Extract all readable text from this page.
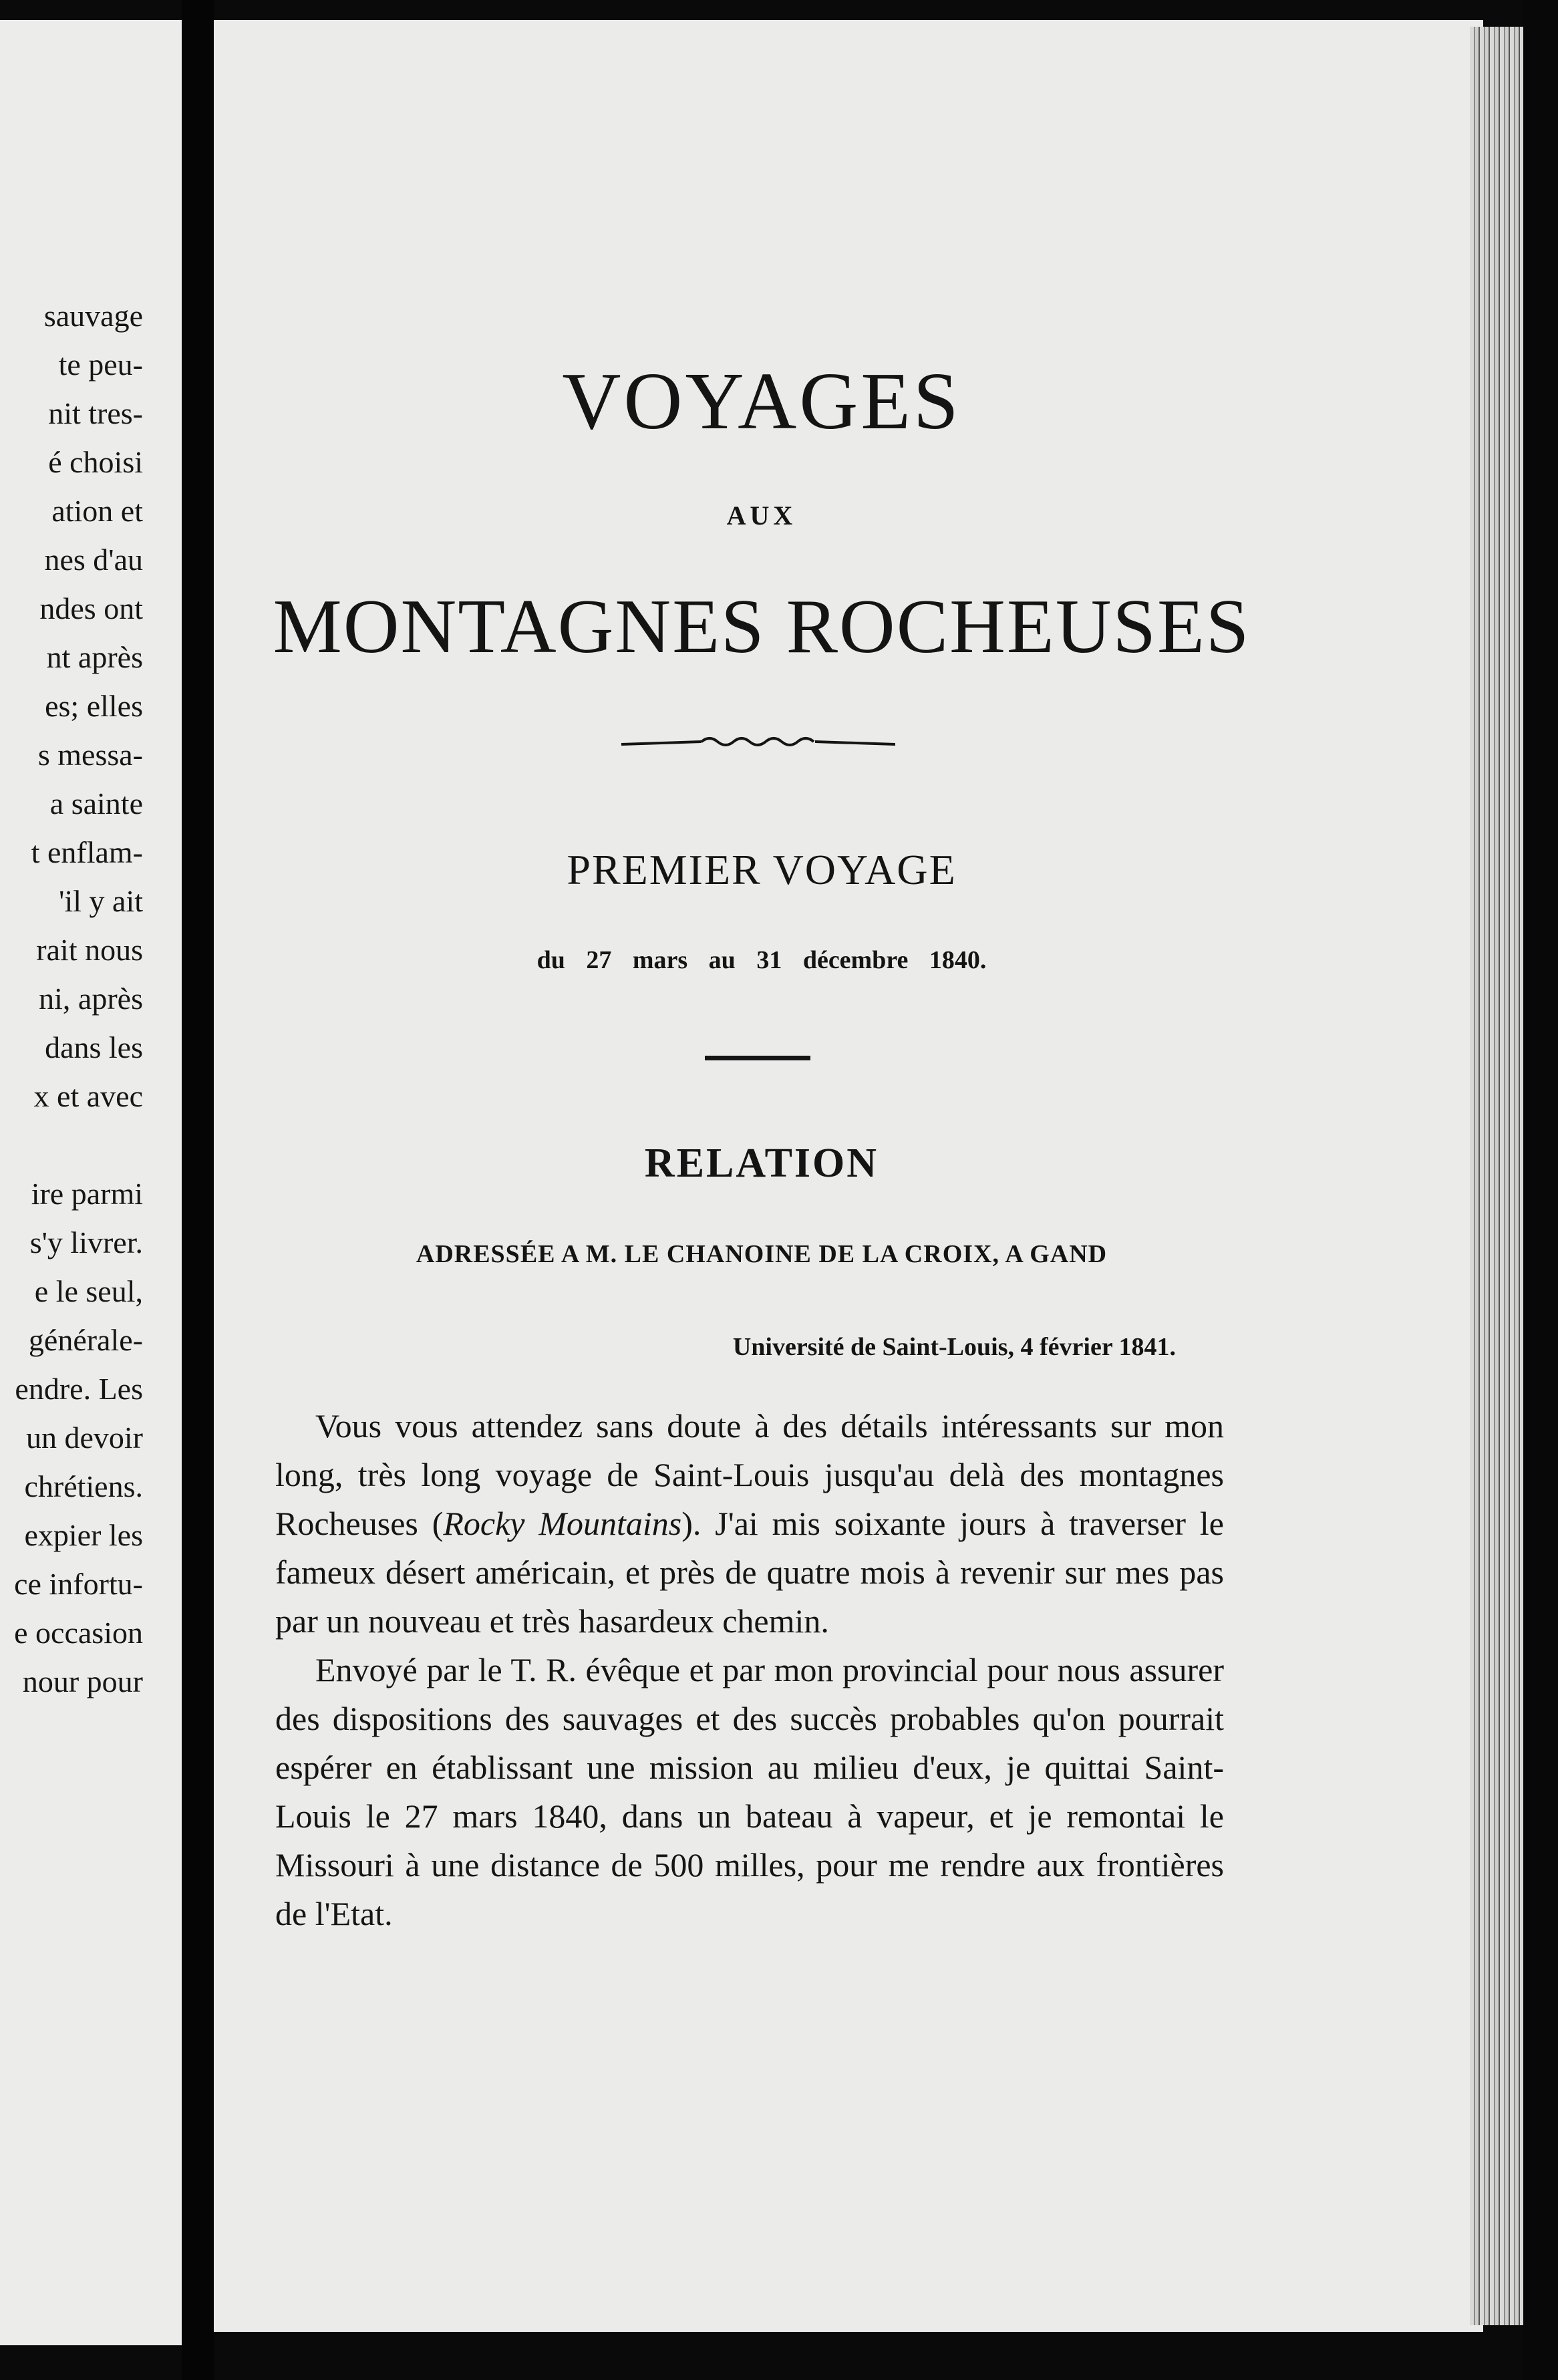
sauvage
te peu-
nit tres-
é choisi
ation et
nes d'au
ndes ont
nt après
es; elles
s messa-
a sainte
t enflam-
'il y ait
rait nous
ni, après
dans les
x et avec
ire parmi
s'y livrer.
e le seul,
générale-
endre. Les
un devoir
chrétiens.
expier les
ce infortu-
e occasion
nour pour
VOYAGES
AUX
MONTAGNES ROCHEUSES
PREMIER VOYAGE
du 27 mars au 31 décembre 1840.
RELATION
ADRESSÉE A M. LE CHANOINE DE LA CROIX, A GAND
Université de Saint-Louis, 4 février 1841.

Vous vous attendez sans doute à des détails intéressants sur mon long, très long voyage de Saint-Louis jusqu'au delà des montagnes Rocheuses (Rocky Mountains). J'ai mis soixante jours à traverser le fameux désert américain, et près de quatre mois à revenir sur mes pas par un nouveau et très hasardeux chemin.

Envoyé par le T. R. évêque et par mon provincial pour nous assurer des dispositions des sauvages et des succès probables qu'on pourrait espérer en établissant une mission au milieu d'eux, je quittai Saint-Louis le 27 mars 1840, dans un bateau à vapeur, et je remontai le Missouri à une distance de 500 milles, pour me rendre aux frontières de l'Etat.
